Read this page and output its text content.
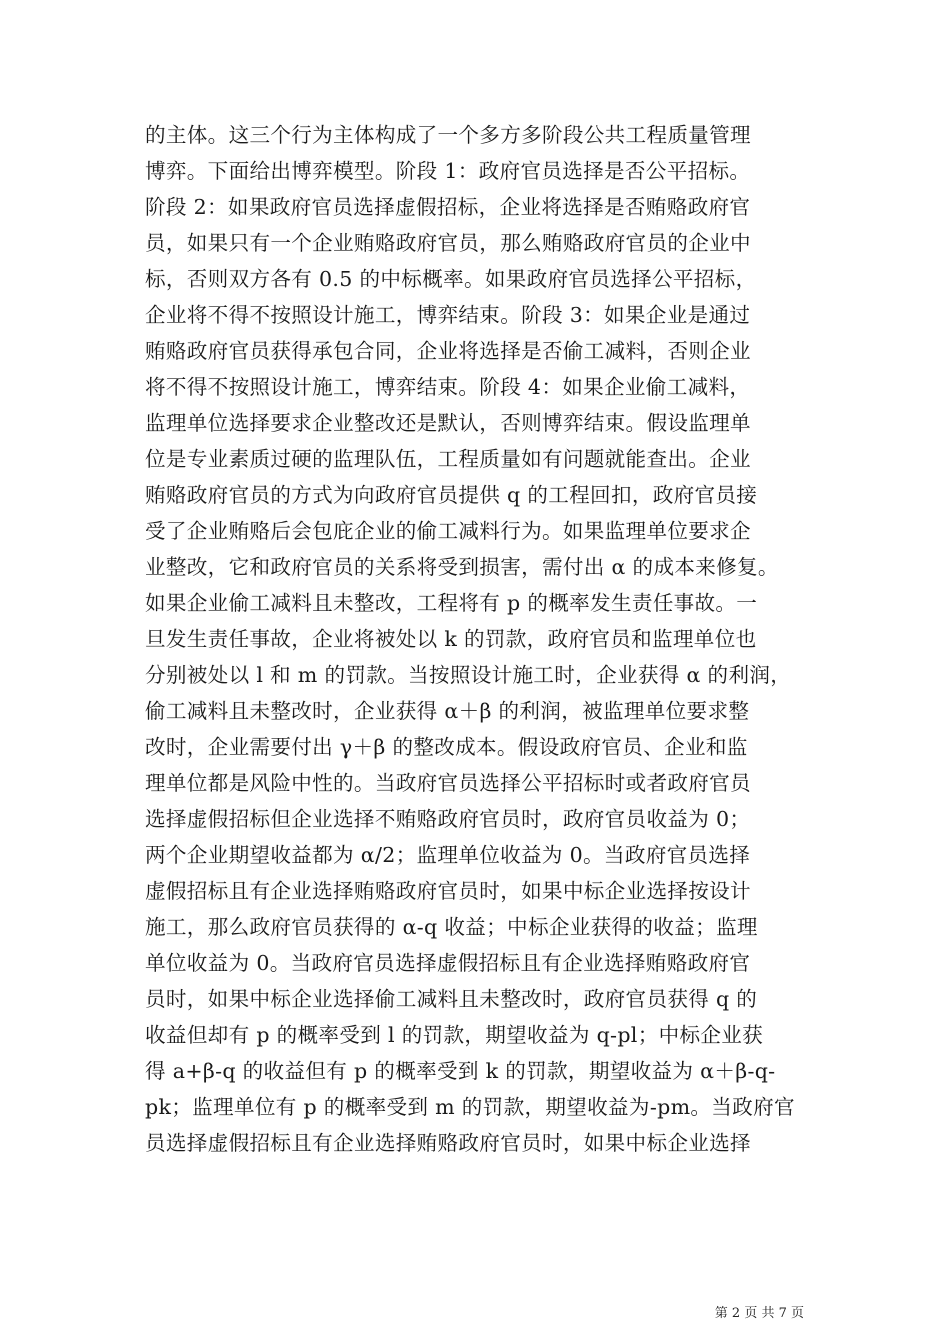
的主体。这三个行为主体构成了一个多方多阶段公共工程质量管理
博弈。下面给出博弈模型。阶段 1：政府官员选择是否公平招标。
阶段 2：如果政府官员选择虚假招标，企业将选择是否贿赂政府官
员，如果只有一个企业贿赂政府官员，那么贿赂政府官员的企业中
标，否则双方各有 0.5 的中标概率。如果政府官员选择公平招标，
企业将不得不按照设计施工，博弈结束。阶段 3：如果企业是通过
贿赂政府官员获得承包合同，企业将选择是否偷工减料，否则企业
将不得不按照设计施工，博弈结束。阶段 4：如果企业偷工减料，
监理单位选择要求企业整改还是默认，否则博弈结束。假设监理单
位是专业素质过硬的监理队伍，工程质量如有问题就能查出。企业
贿赂政府官员的方式为向政府官员提供 q 的工程回扣，政府官员接
受了企业贿赂后会包庇企业的偷工减料行为。如果监理单位要求企
业整改，它和政府官员的关系将受到损害，需付出 α 的成本来修复。
如果企业偷工减料且未整改，工程将有 p 的概率发生责任事故。一
旦发生责任事故，企业将被处以 k 的罚款，政府官员和监理单位也
分别被处以 l 和 m 的罚款。当按照设计施工时，企业获得 α 的利润，
偷工减料且未整改时，企业获得 α＋β 的利润，被监理单位要求整
改时，企业需要付出 γ＋β 的整改成本。假设政府官员、企业和监
理单位都是风险中性的。当政府官员选择公平招标时或者政府官员
选择虚假招标但企业选择不贿赂政府官员时，政府官员收益为 0；
两个企业期望收益都为 α/2；监理单位收益为 0。当政府官员选择
虚假招标且有企业选择贿赂政府官员时，如果中标企业选择按设计
施工，那么政府官员获得的 α-q 收益；中标企业获得的收益；监理
单位收益为 0。当政府官员选择虚假招标且有企业选择贿赂政府官
员时，如果中标企业选择偷工减料且未整改时，政府官员获得 q 的
收益但却有 p 的概率受到 l 的罚款，期望收益为 q-pl；中标企业获
得 a+β-q 的收益但有 p 的概率受到 k 的罚款，期望收益为 α＋β-q-
pk；监理单位有 p 的概率受到 m 的罚款，期望收益为-pm。当政府官
员选择虚假招标且有企业选择贿赂政府官员时，如果中标企业选择
第 2 页 共 7 页
